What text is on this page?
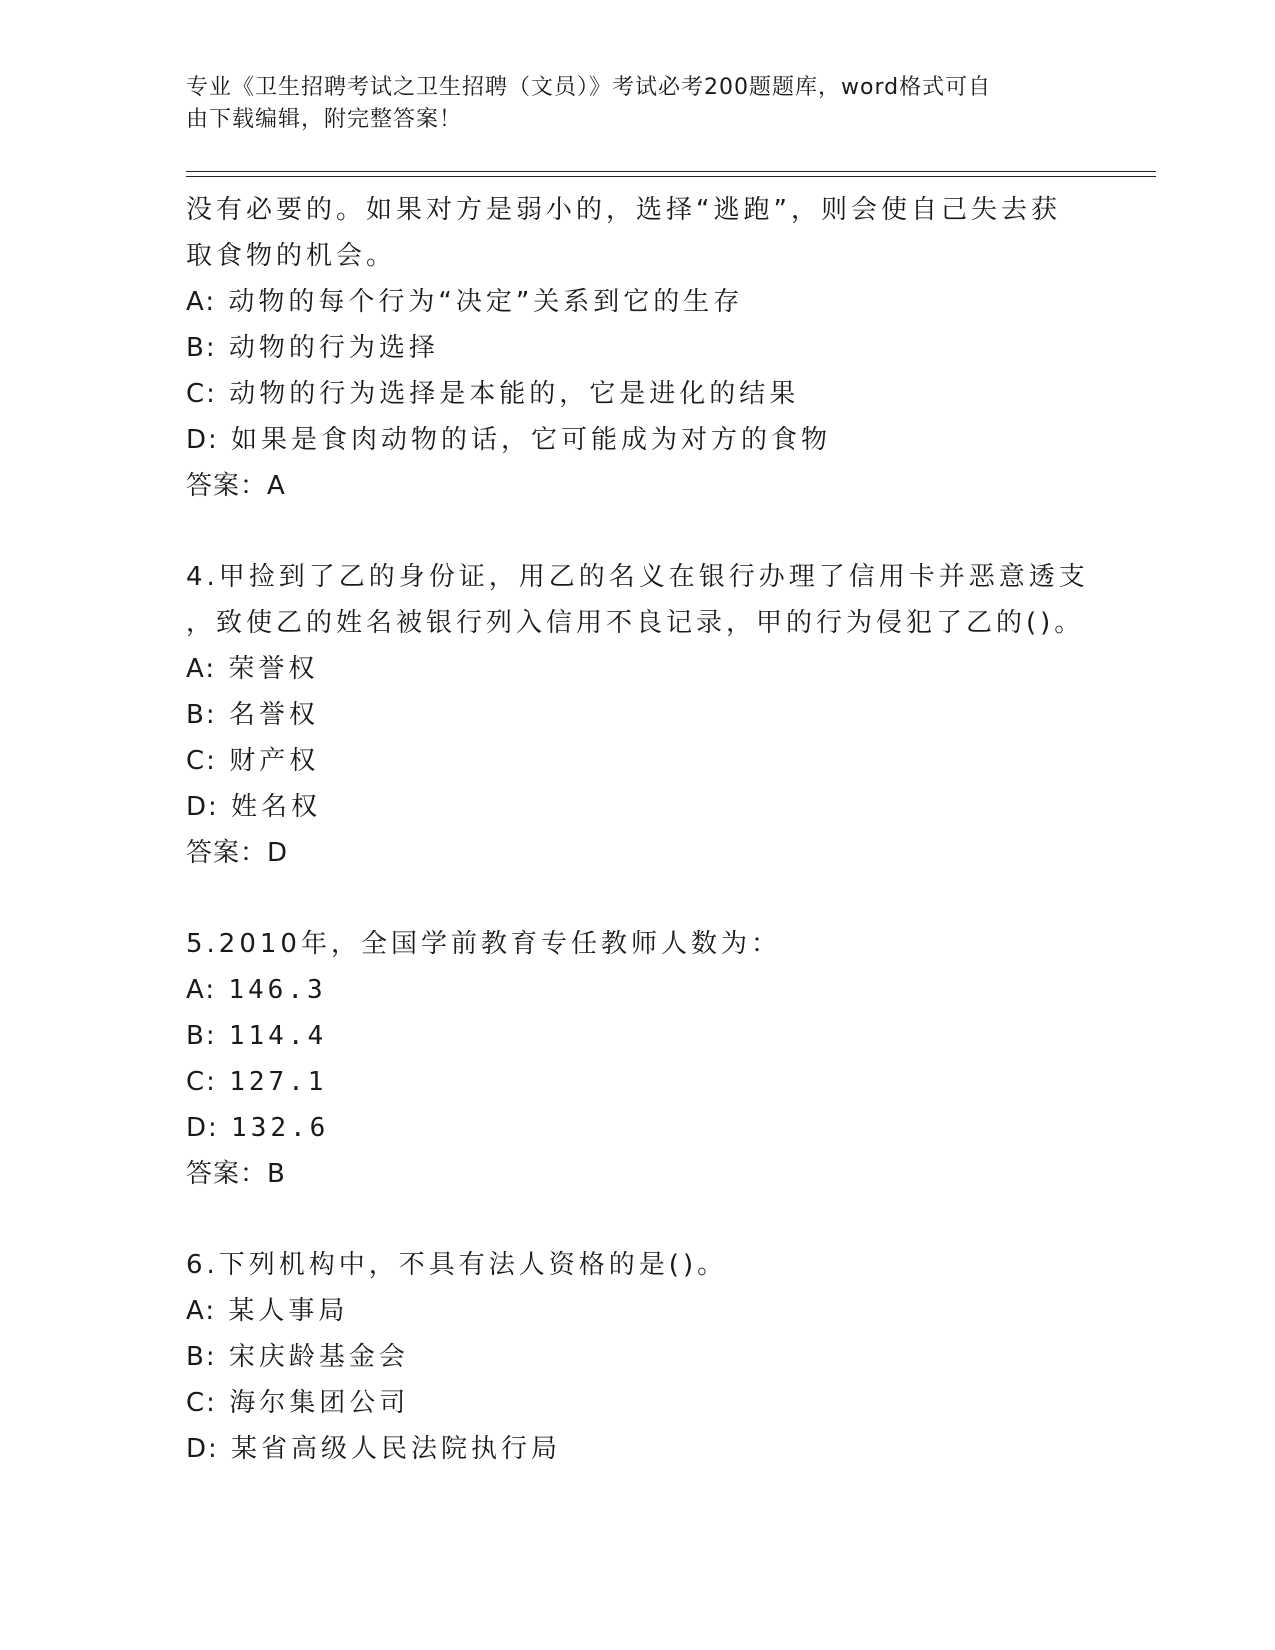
专业《卫生招聘考试之卫生招聘（文员）》考试必考200题题库，word格式可自
由下载编辑，附完整答案！
没有必要的。如果对方是弱小的，选择“逃跑”，则会使自己失去获
取食物的机会。
A: 动物的每个行为“决定”关系到它的生存
B: 动物的行为选择
C: 动物的行为选择是本能的，它是进化的结果
D: 如果是食肉动物的话，它可能成为对方的食物
答案：A
4.甲捡到了乙的身份证，用乙的名义在银行办理了信用卡并恶意透支
，致使乙的姓名被银行列入信用不良记录，甲的行为侵犯了乙的()。
A: 荣誉权
B: 名誉权
C: 财产权
D: 姓名权
答案：D
5.2010年，全国学前教育专任教师人数为：
A: 146.3
B: 114.4
C: 127.1
D: 132.6
答案：B
6.下列机构中，不具有法人资格的是()。
A: 某人事局
B: 宋庆龄基金会
C: 海尔集团公司
D: 某省高级人民法院执行局
